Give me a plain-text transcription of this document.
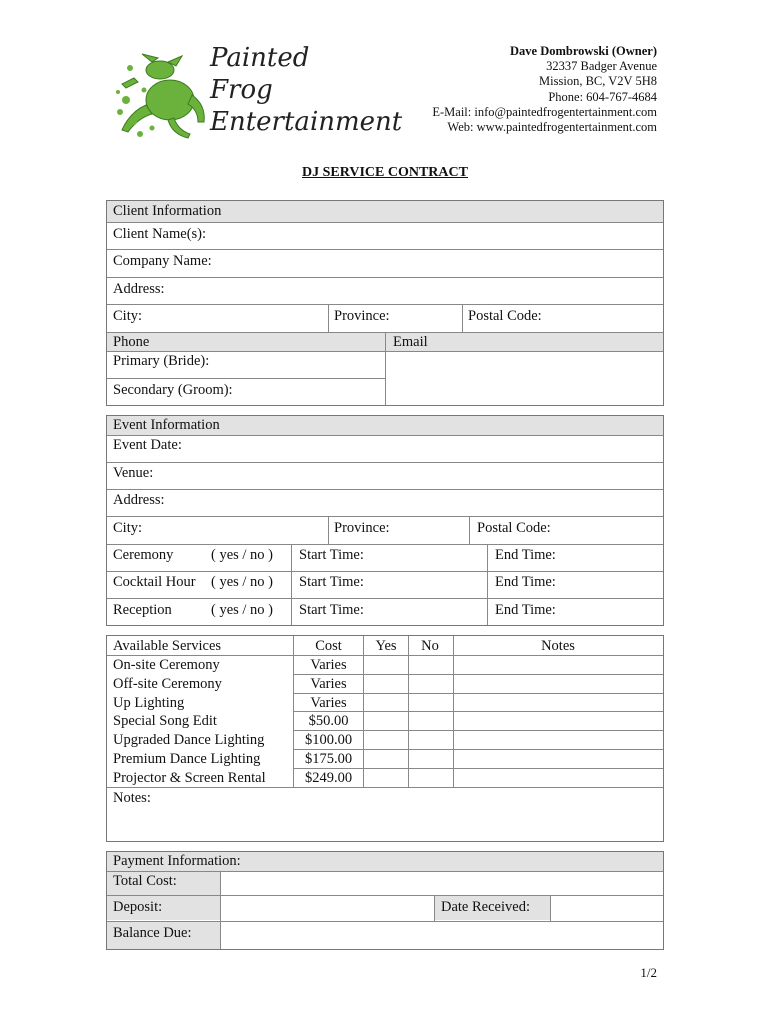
Painted
Frog
Entertainment
Dave Dombrowski (Owner)
32337 Badger Avenue
Mission, BC, V2V 5H8
Phone: 604-767-4684
E-Mail: info@paintedfrogentertainment.com
Web: www.paintedfrogentertainment.com
DJ SERVICE CONTRACT
Client Information
Client Name(s):
Company Name:
Address:
City:	Province:	Postal Code:
Phone	Email
Primary (Bride):
Secondary (Groom):
Event Information
Event Date:
Venue:
Address:
City:	Province:	Postal Code:
Ceremony	( yes / no )	Start Time:	End Time:
Cocktail Hour	( yes / no )	Start Time:	End Time:
Reception	( yes / no )	Start Time:	End Time:
Available Services	Cost	Yes	No	Notes
On-site Ceremony	Varies
Off-site Ceremony	Varies
Up Lighting	Varies
Special Song Edit	$50.00
Upgraded Dance Lighting	$100.00
Premium Dance Lighting	$175.00
Projector & Screen Rental	$249.00
Notes:
Payment Information:
Total Cost:
Deposit:	Date Received:
Balance Due:
1/2
